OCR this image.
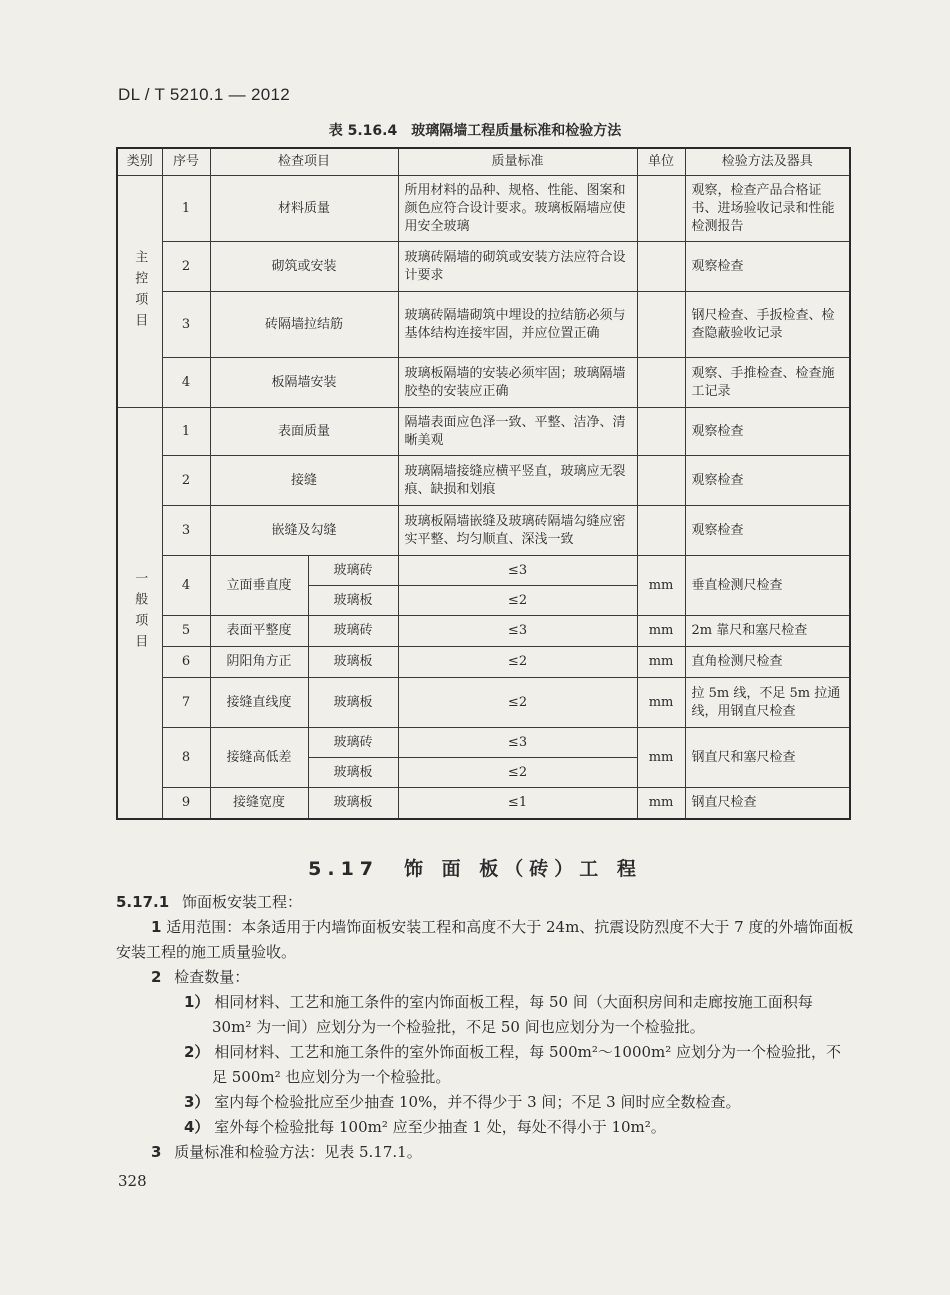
DL / T 5210.1 — 2012
表 5.16.4　玻璃隔墙工程质量标准和检验方法
类别	序号	检查项目		质量标准	单位	检验方法及器具

主控项目	1	材料质量		所用材料的品种、规格、性能、图案和颜色应符合设计要求。玻璃板隔墙应使用安全玻璃		观察，检查产品合格证书、进场验收记录和性能检测报告
	2	砌筑或安装		玻璃砖隔墙的砌筑或安装方法应符合设计要求		观察检查
	3	砖隔墙拉结筋		玻璃砖隔墙砌筑中埋设的拉结筋必须与基体结构连接牢固，并应位置正确		钢尺检查、手扳检查、检查隐蔽验收记录
	4	板隔墙安装		玻璃板隔墙的安装必须牢固；玻璃隔墙胶垫的安装应正确		观察、手推检查、检查施工记录

一般项目	1	表面质量		隔墙表面应色泽一致、平整、洁净、清晰美观		观察检查
	2	接缝		玻璃隔墙接缝应横平竖直，玻璃应无裂痕、缺损和划痕		观察检查
	3	嵌缝及勾缝		玻璃板隔墙嵌缝及玻璃砖隔墙勾缝应密实平整、均匀顺直、深浅一致		观察检查
	4	立面垂直度	玻璃砖	≤3	mm	垂直检测尺检查
			玻璃板	≤2		
	5	表面平整度	玻璃砖	≤3	mm	2m 靠尺和塞尺检查
	6	阴阳角方正	玻璃板	≤2	mm	直角检测尺检查
	7	接缝直线度	玻璃板	≤2	mm	拉 5m 线，不足 5m 拉通线，用钢直尺检查
	8	接缝高低差	玻璃砖	≤3	mm	钢直尺和塞尺检查
			玻璃板	≤2		
	9	接缝宽度	玻璃板	≤1	mm	钢直尺检查
5.17　饰 面 板（砖）工 程

5.17.1 饰面板安装工程：

1 适用范围：本条适用于内墙饰面板安装工程和高度不大于 24m、抗震设防烈度不大于 7 度的外墙饰面板安装工程的施工质量验收。

2 检查数量：

1） 相同材料、工艺和施工条件的室内饰面板工程，每 50 间（大面积房间和走廊按施工面积每 30m² 为一间）应划分为一个检验批，不足 50 间也应划分为一个检验批。

2） 相同材料、工艺和施工条件的室外饰面板工程，每 500m²～1000m² 应划分为一个检验批，不足 500m² 也应划分为一个检验批。

3） 室内每个检验批应至少抽查 10%，并不得少于 3 间；不足 3 间时应全数检查。

4） 室外每个检验批每 100m² 应至少抽查 1 处，每处不得小于 10m²。

3 质量标准和检验方法：见表 5.17.1。

328
